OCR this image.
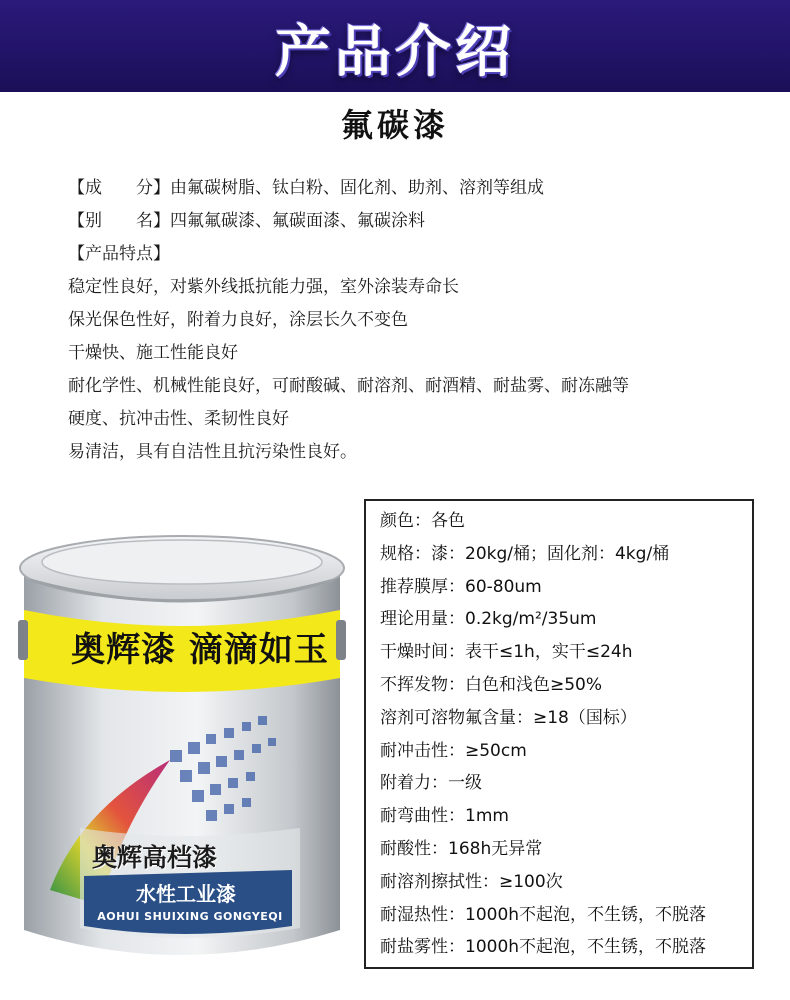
产品介绍
氟碳漆
【成　　分】由氟碳树脂、钛白粉、固化剂、助剂、溶剂等组成
【别　　名】四氟氟碳漆、氟碳面漆、氟碳涂料
【产品特点】
稳定性良好，对紫外线抵抗能力强，室外涂装寿命长
保光保色性好，附着力良好，涂层长久不变色
干燥快、施工性能良好
耐化学性、机械性能良好，可耐酸碱、耐溶剂、耐酒精、耐盐雾、耐冻融等
硬度、抗冲击性、柔韧性良好
易清洁，具有自洁性且抗污染性良好。
奥辉漆 滴滴如玉
奥辉高档漆
水性工业漆
AOHUI SHUIXING GONGYEQI
颜色：各色
规格：漆：20kg/桶；固化剂：4kg/桶
推荐膜厚：60-80um
理论用量：0.2kg/m²/35um
干燥时间：表干≤1h，实干≤24h
不挥发物：白色和浅色≥50%
溶剂可溶物氟含量：≥18（国标）
耐冲击性：≥50cm
附着力：一级
耐弯曲性：1mm
耐酸性：168h无异常
耐溶剂擦拭性：≥100次
耐湿热性：1000h不起泡，不生锈，不脱落
耐盐雾性：1000h不起泡，不生锈，不脱落
